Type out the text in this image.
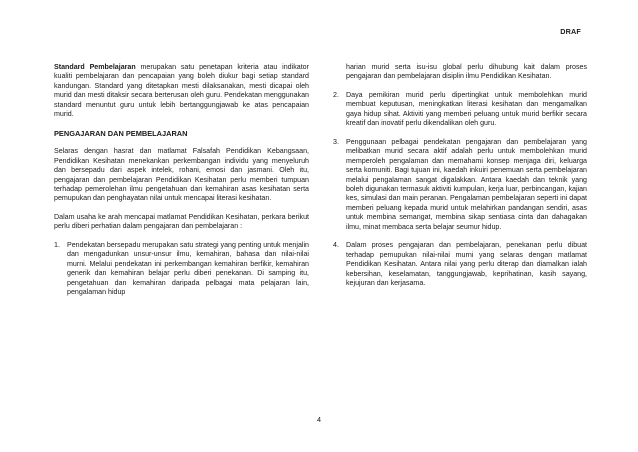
DRAF

Standard Pembelajaran merupakan satu penetapan kriteria atau indikator kualiti pembelajaran dan pencapaian yang boleh diukur bagi setiap standard kandungan. Standard yang ditetapkan mesti dilaksanakan, mesti dicapai oleh murid dan mesti ditaksir secara berterusan oleh guru. Pendekatan menggunakan standard menuntut guru untuk lebih bertanggungjawab ke atas pencapaian murid.

PENGAJARAN DAN PEMBELAJARAN

Selaras dengan hasrat dan matlamat Falsafah Pendidikan Kebangsaan, Pendidikan Kesihatan menekankan perkembangan individu yang menyeluruh dan bersepadu dari aspek intelek, rohani, emosi dan jasmani. Oleh itu, pengajaran dan pembelajaran Pendidikan Kesihatan perlu memberi tumpuan terhadap pemerolehan ilmu pengetahuan dan kemahiran asas kesihatan serta pemupukan dan penghayatan nilai untuk mencapai literasi kesihatan.

Dalam usaha ke arah mencapai matlamat Pendidikan Kesihatan, perkara berikut perlu diberi perhatian dalam pengajaran dan pembelajaran :

1. Pendekatan bersepadu merupakan satu strategi yang penting untuk menjalin dan mengadunkan unsur-unsur ilmu, kemahiran, bahasa dan nilai-nilai murni. Melalui pendekatan ini perkembangan kemahiran berfikir, kemahiran generik dan kemahiran belajar perlu diberi penekanan. Di samping itu, pengetahuan dan kemahiran daripada pelbagai mata pelajaran lain, pengalaman hidup

harian murid serta isu-isu global perlu dihubung kait dalam proses pengajaran dan pembelajaran disiplin ilmu Pendidikan Kesihatan.

2. Daya pemikiran murid perlu dipertingkat untuk membolehkan murid membuat keputusan, meningkatkan literasi kesihatan dan mengamalkan gaya hidup sihat. Aktiviti yang memberi peluang untuk murid berfikir secara kreatif dan inovatif perlu dikendalikan oleh guru.
3. Penggunaan pelbagai pendekatan pengajaran dan pembelajaran yang melibatkan murid secara aktif adalah perlu untuk membolehkan murid memperoleh pengalaman dan memahami konsep menjaga diri, keluarga serta komuniti. Bagi tujuan ini, kaedah inkuiri penemuan serta pembelajaran melalui pengalaman sangat digalakkan. Antara kaedah dan teknik yang boleh digunakan termasuk aktiviti kumpulan, kerja luar, perbincangan, kajian kes, simulasi dan main peranan. Pengalaman pembelajaran seperti ini dapat memberi peluang kepada murid untuk melahirkan pandangan sendiri, asas untuk membina semangat, membina sikap sentiasa cinta dan dahagakan ilmu, minat membaca serta belajar seumur hidup.
4. Dalam proses pengajaran dan pembelajaran, penekanan perlu dibuat terhadap pemupukan nilai-nilai murni yang selaras dengan matlamat Pendidikan Kesihatan. Antara nilai yang perlu diterap dan diamalkan ialah kebersihan, keselamatan, tanggungjawab, keprihatinan, kasih sayang, kejujuran dan kerjasama.
4
